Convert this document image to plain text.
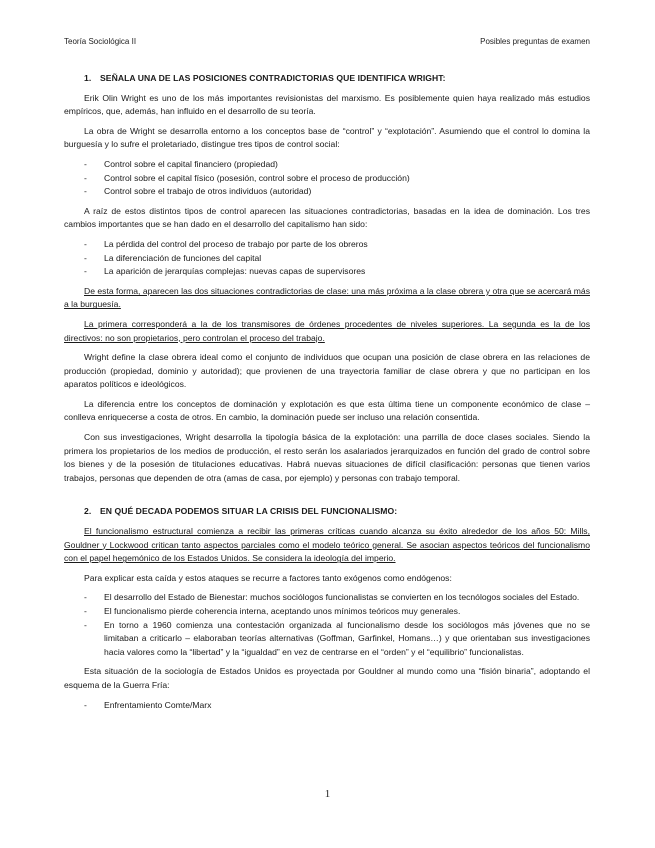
Teoría Sociológica II	Posibles preguntas de examen
1. SEÑALA UNA DE LAS POSICIONES CONTRADICTORIAS QUE IDENTIFICA WRIGHT:

Erik Olin Wright es uno de los más importantes revisionistas del marxismo. Es posiblemente quien haya realizado más estudios empíricos, que, además, han influido en el desarrollo de su teoría.

La obra de Wright se desarrolla entorno a los conceptos base de “control” y “explotación”. Asumiendo que el control lo domina la burguesía y lo sufre el proletariado, distingue tres tipos de control social:

- Control sobre el capital financiero (propiedad)
- Control sobre el capital físico (posesión, control sobre el proceso de producción)
- Control sobre el trabajo de otros individuos (autoridad)

A raíz de estos distintos tipos de control aparecen las situaciones contradictorias, basadas en la idea de dominación. Los tres cambios importantes que se han dado en el desarrollo del capitalismo han sido:

- La pérdida del control del proceso de trabajo por parte de los obreros
- La diferenciación de funciones del capital
- La aparición de jerarquías complejas: nuevas capas de supervisores

De esta forma, aparecen las dos situaciones contradictorias de clase: una más próxima a la clase obrera y otra que se acercará más a la burguesía.

La primera corresponderá a la de los transmisores de órdenes procedentes de niveles superiores. La segunda es la de los directivos: no son propietarios, pero controlan el proceso del trabajo.

Wright define la clase obrera ideal como el conjunto de individuos que ocupan una posición de clase obrera en las relaciones de producción (propiedad, dominio y autoridad); que provienen de una trayectoria familiar de clase obrera y que no participan en los aparatos políticos e ideológicos.

La diferencia entre los conceptos de dominación y explotación es que esta última tiene un componente económico de clase – conlleva enriquecerse a costa de otros. En cambio, la dominación puede ser incluso una relación consentida.

Con sus investigaciones, Wright desarrolla la tipología básica de la explotación: una parrilla de doce clases sociales. Siendo la primera los propietarios de los medios de producción, el resto serán los asalariados jerarquizados en función del grado de control sobre los bienes y de la posesión de titulaciones educativas. Habrá nuevas situaciones de difícil clasificación: personas que tienen varios trabajos, personas que dependen de otra (amas de casa, por ejemplo) y personas con trabajo temporal.

2. EN QUÉ DECADA PODEMOS SITUAR LA CRISIS DEL FUNCIONALISMO:

El funcionalismo estructural comienza a recibir las primeras críticas cuando alcanza su éxito alrededor de los años 50: Mills, Gouldner y Lockwood critican tanto aspectos parciales como el modelo teórico general. Se asocian aspectos teóricos del funcionalismo con el papel hegemónico de los Estados Unidos. Se considera la ideología del imperio.

Para explicar esta caída y estos ataques se recurre a factores tanto exógenos como endógenos:

- El desarrollo del Estado de Bienestar: muchos sociólogos funcionalistas se convierten en los tecnólogos sociales del Estado.
- El funcionalismo pierde coherencia interna, aceptando unos mínimos teóricos muy generales.
- En torno a 1960 comienza una contestación organizada al funcionalismo desde los sociólogos más jóvenes que no se limitaban a criticarlo – elaboraban teorías alternativas (Goffman, Garfinkel, Homans…) y que orientaban sus investigaciones hacia valores como la “libertad” y la “igualdad” en vez de centrarse en el “orden” y el “equilibrio” funcionalistas.

Esta situación de la sociología de Estados Unidos es proyectada por Gouldner al mundo como una “fisión binaria”, adoptando el esquema de la Guerra Fría:

- Enfrentamiento Comte/Marx
1
